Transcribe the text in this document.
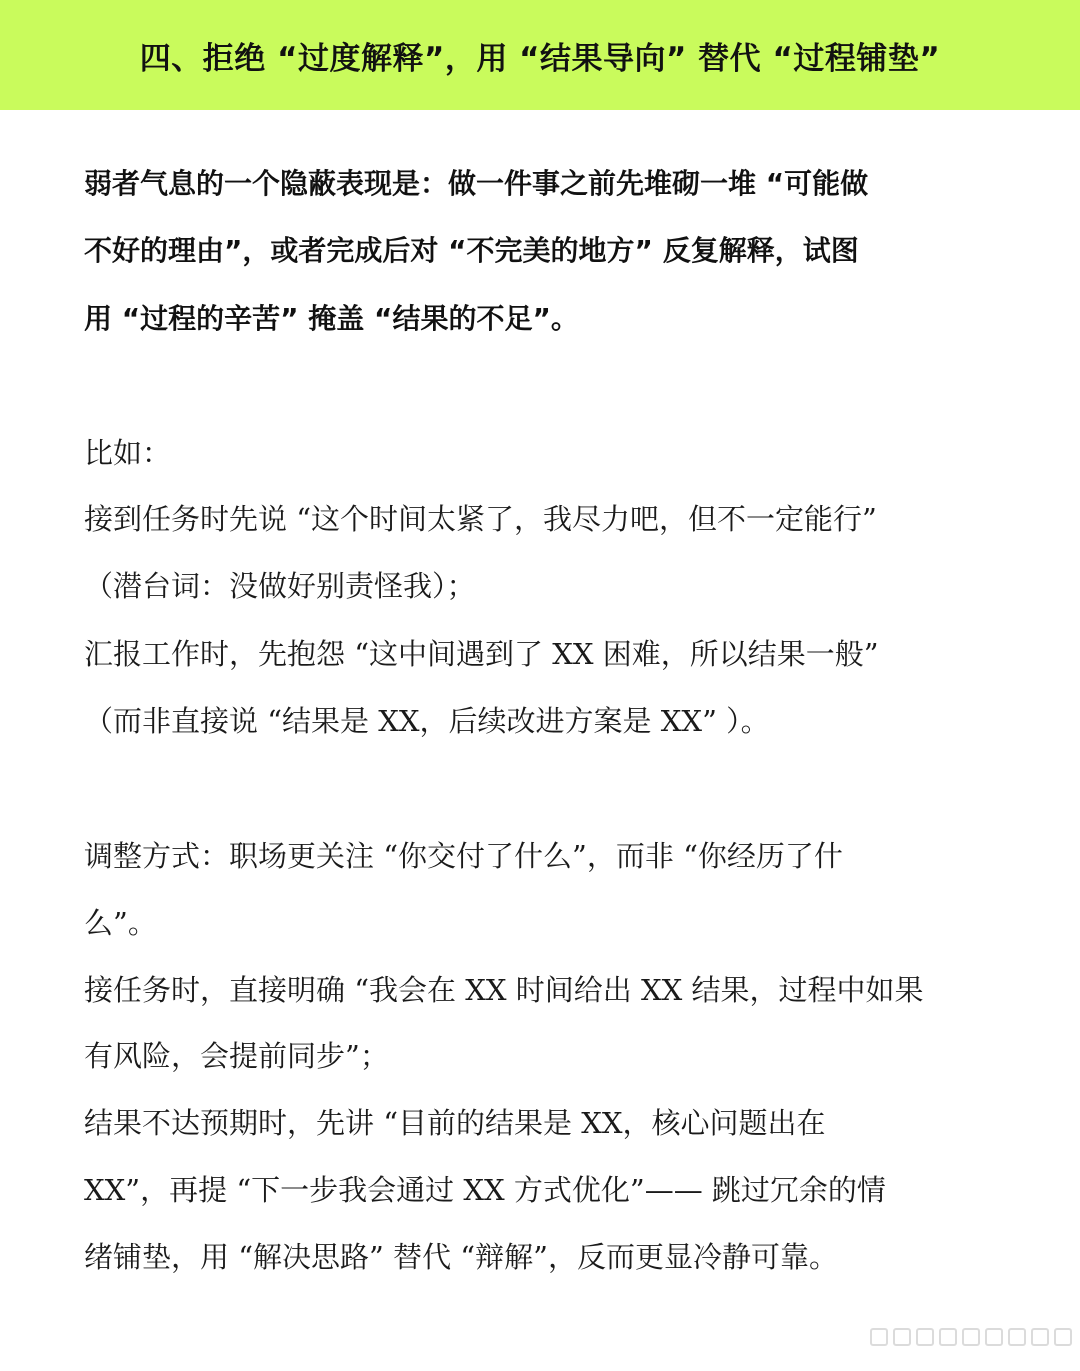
四、拒绝 “过度解释”，用 “结果导向” 替代 “过程铺垫”
弱者气息的一个隐蔽表现是：做一件事之前先堆砌一堆 “可能做
不好的理由”，或者完成后对 “不完美的地方” 反复解释，试图
用 “过程的辛苦” 掩盖 “结果的不足”。
比如：
接到任务时先说 “这个时间太紧了，我尽力吧，但不一定能行”
（潜台词：没做好别责怪我）；
汇报工作时，先抱怨 “这中间遇到了 XX 困难，所以结果一般”
（而非直接说 “结果是 XX，后续改进方案是 XX” ）。
调整方式：职场更关注 “你交付了什么”，而非 “你经历了什
么”。
接任务时，直接明确 “我会在 XX 时间给出 XX 结果，过程中如果
有风险，会提前同步”；
结果不达预期时，先讲 “目前的结果是 XX，核心问题出在
XX”，再提 “下一步我会通过 XX 方式优化”—— 跳过冗余的情
绪铺垫，用 “解决思路” 替代 “辩解”，反而更显冷静可靠。
